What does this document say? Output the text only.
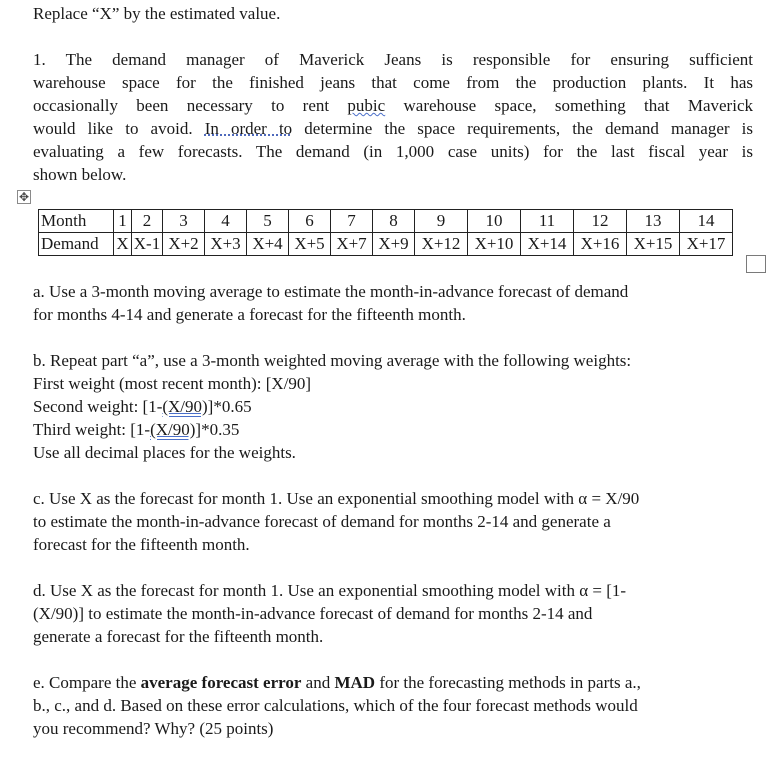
Replace “X” by the estimated value.

1. The demand manager of Maverick Jeans is responsible for ensuring sufficient

warehouse space for the finished jeans that come from the production plants. It has

occasionally been necessary to rent pubic warehouse space, something that Maverick

would like to avoid. In order to determine the space requirements, the demand manager is

evaluating a few forecasts. The demand (in 1,000 case units) for the last fiscal year is

shown below.

✥
Month	1	2	3	4	5	6	7	8	9	10	11	12	13	14
Demand	X	X-1	X+2	X+3	X+4	X+5	X+7	X+9	X+12	X+10	X+14	X+16	X+15	X+17
a. Use a 3-month moving average to estimate the month-in-advance forecast of demand
for months 4-14 and generate a forecast for the fifteenth month.
b. Repeat part “a”, use a 3-month weighted moving average with the following weights:
First weight (most recent month): [X/90]
Second weight: [1-(X/90)]*0.65
Third weight: [1-(X/90)]*0.35
Use all decimal places for the weights.
c. Use X as the forecast for month 1. Use an exponential smoothing model with α = X/90
to estimate the month-in-advance forecast of demand for months 2-14 and generate a
forecast for the fifteenth month.
d. Use X as the forecast for month 1. Use an exponential smoothing model with α = [1-
(X/90)] to estimate the month-in-advance forecast of demand for months 2-14 and
generate a forecast for the fifteenth month.
e. Compare the average forecast error and MAD for the forecasting methods in parts a.,
b., c., and d. Based on these error calculations, which of the four forecast methods would
you recommend? Why? (25 points)
